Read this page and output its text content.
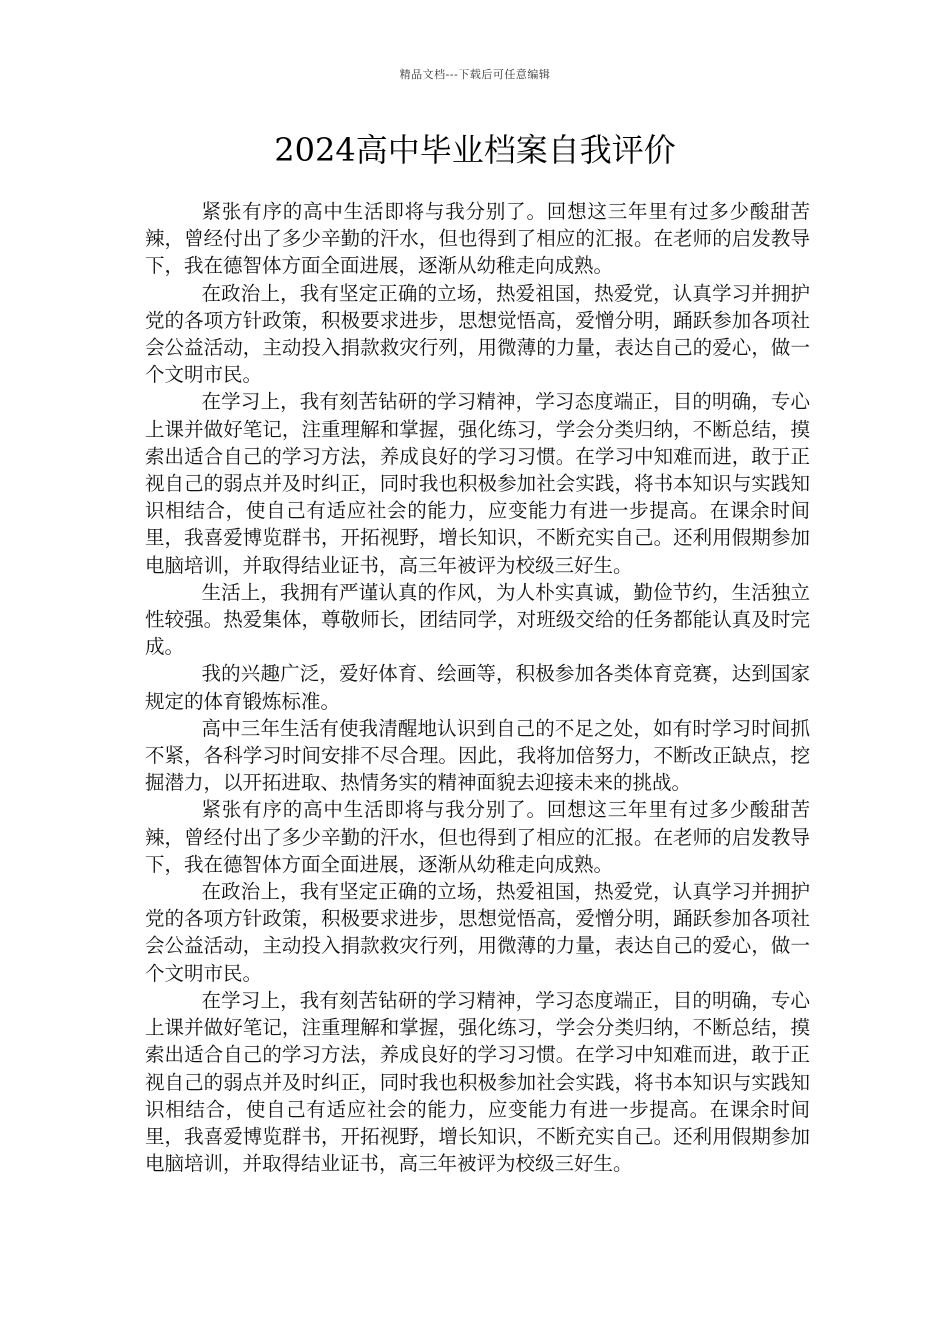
精品文档---下载后可任意编辑
2024高中毕业档案自我评价

紧张有序的高中生活即将与我分别了。回想这三年里有过多少酸甜苦辣，曾经付出了多少辛勤的汗水，但也得到了相应的汇报。在老师的启发教导下，我在德智体方面全面进展，逐渐从幼稚走向成熟。

在政治上，我有坚定正确的立场，热爱祖国，热爱党，认真学习并拥护党的各项方针政策，积极要求进步，思想觉悟高，爱憎分明，踊跃参加各项社会公益活动，主动投入捐款救灾行列，用微薄的力量，表达自己的爱心，做一个文明市民。

在学习上，我有刻苦钻研的学习精神，学习态度端正，目的明确，专心上课并做好笔记，注重理解和掌握，强化练习，学会分类归纳，不断总结，摸索出适合自己的学习方法，养成良好的学习习惯。在学习中知难而进，敢于正视自己的弱点并及时纠正，同时我也积极参加社会实践，将书本知识与实践知识相结合，使自己有适应社会的能力，应变能力有进一步提高。在课余时间里，我喜爱博览群书，开拓视野，增长知识，不断充实自己。还利用假期参加电脑培训，并取得结业证书，高三年被评为校级三好生。

生活上，我拥有严谨认真的作风，为人朴实真诚，勤俭节约，生活独立性较强。热爱集体，尊敬师长，团结同学，对班级交给的任务都能认真及时完成。

我的兴趣广泛，爱好体育、绘画等，积极参加各类体育竞赛，达到国家规定的体育锻炼标准。

高中三年生活有使我清醒地认识到自己的不足之处，如有时学习时间抓不紧，各科学习时间安排不尽合理。因此，我将加倍努力，不断改正缺点，挖掘潜力，以开拓进取、热情务实的精神面貌去迎接未来的挑战。

紧张有序的高中生活即将与我分别了。回想这三年里有过多少酸甜苦辣，曾经付出了多少辛勤的汗水，但也得到了相应的汇报。在老师的启发教导下，我在德智体方面全面进展，逐渐从幼稚走向成熟。

在政治上，我有坚定正确的立场，热爱祖国，热爱党，认真学习并拥护党的各项方针政策，积极要求进步，思想觉悟高，爱憎分明，踊跃参加各项社会公益活动，主动投入捐款救灾行列，用微薄的力量，表达自己的爱心，做一个文明市民。

在学习上，我有刻苦钻研的学习精神，学习态度端正，目的明确，专心上课并做好笔记，注重理解和掌握，强化练习，学会分类归纳，不断总结，摸索出适合自己的学习方法，养成良好的学习习惯。在学习中知难而进，敢于正视自己的弱点并及时纠正，同时我也积极参加社会实践，将书本知识与实践知识相结合，使自己有适应社会的能力，应变能力有进一步提高。在课余时间里，我喜爱博览群书，开拓视野，增长知识，不断充实自己。还利用假期参加电脑培训，并取得结业证书，高三年被评为校级三好生。
